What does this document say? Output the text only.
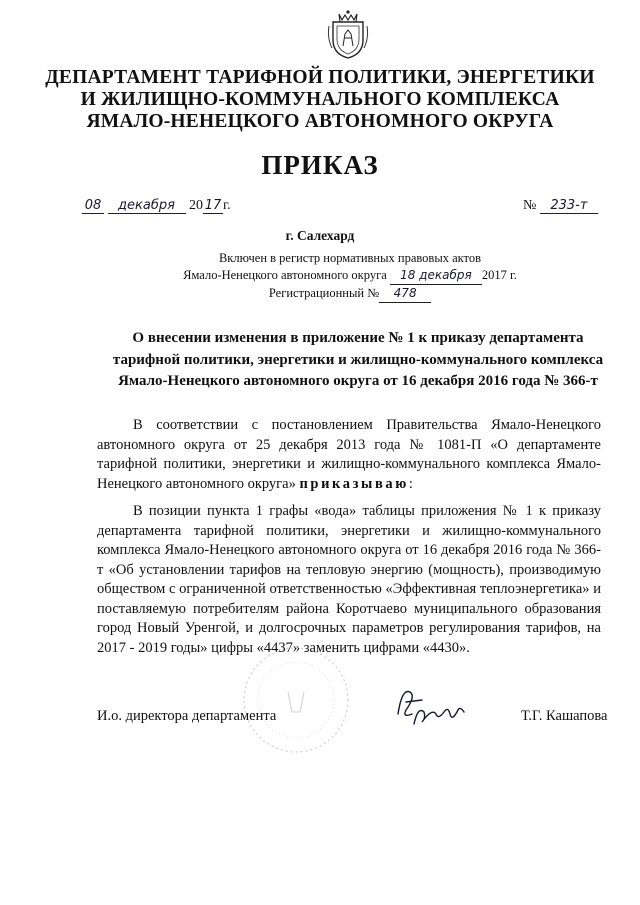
ДЕПАРТАМЕНТ ТАРИФНОЙ ПОЛИТИКИ, ЭНЕРГЕТИКИ
И ЖИЛИЩНО-КОММУНАЛЬНОГО КОМПЛЕКСА
ЯМАЛО-НЕНЕЦКОГО АВТОНОМНОГО ОКРУГА
ПРИКАЗ
08 декабря 20 17 г.	№ 233-т
г. Салехард
Включен в регистр нормативных правовых актов
Ямало-Ненецкого автономного округа 18 декабря 2017 г.
Регистрационный № 478
О внесении изменения в приложение № 1 к приказу департамента
тарифной политики, энергетики и жилищно-коммунального комплекса
Ямало-Ненецкого автономного округа от 16 декабря 2016 года № 366-т

В соответствии с постановлением Правительства Ямало-Ненецкого автономного округа от 25 декабря 2013 года № 1081-П «О департаменте тарифной политики, энергетики и жилищно-коммунального комплекса Ямало-Ненецкого автономного округа» приказываю:

В позиции пункта 1 графы «вода» таблицы приложения № 1 к приказу департамента тарифной политики, энергетики и жилищно-коммунального комплекса Ямало-Ненецкого автономного округа от 16 декабря 2016 года № 366-т «Об установлении тарифов на тепловую энергию (мощность), производимую обществом с ограниченной ответственностью «Эффективная теплоэнергетика» и поставляемую потребителям района Коротчаево муниципального образования город Новый Уренгой, и долгосрочных параметров регулирования тарифов, на 2017 - 2019 годы» цифры «4437» заменить цифрами «4430».

И.о. директора департамента	Т.Г. Кашапова
